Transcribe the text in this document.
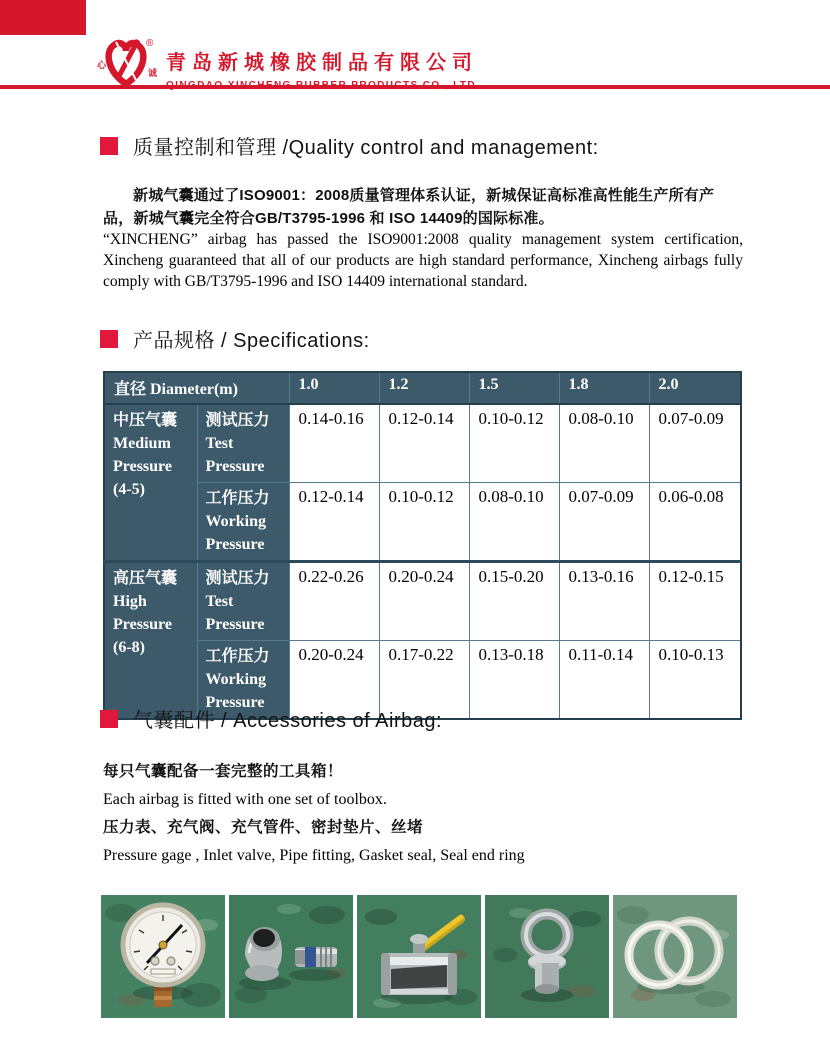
心
诚
®
青岛新城橡胶制品有限公司
QINGDAO XINCHENG RUBBER PRODUCTS CO., LTD
质量控制和管理 /Quality control and management:
新城气囊通过了ISO9001：2008质量管理体系认证，新城保证高标准高性能生产所有产品，新城气囊完全符合GB/T3795-1996 和 ISO 14409的国际标准。
“XINCHENG” airbag has passed the ISO9001:2008 quality management system certification, Xincheng guaranteed that all of our products are high standard performance, Xincheng airbags fully comply with GB/T3795-1996 and ISO 14409 international standard.
产品规格 / Specifications:
直径 Diameter(m)		1.0	1.2	1.5	1.8	2.0
中压气囊 Medium Pressure (4-5)	测试压力 Test Pressure	0.14-0.16	0.12-0.14	0.10-0.12	0.08-0.10	0.07-0.09
	工作压力 Working Pressure	0.12-0.14	0.10-0.12	0.08-0.10	0.07-0.09	0.06-0.08
高压气囊 High Pressure (6-8)	测试压力 Test Pressure	0.22-0.26	0.20-0.24	0.15-0.20	0.13-0.16	0.12-0.15
	工作压力 Working Pressure	0.20-0.24	0.17-0.22	0.13-0.18	0.11-0.14	0.10-0.13
气囊配件 / Accessories of Airbag:
每只气囊配备一套完整的工具箱！
Each airbag is fitted with one set of toolbox.
压力表、充气阀、充气管件、密封垫片、丝堵
Pressure gage , Inlet valve, Pipe fitting, Gasket seal, Seal end ring
